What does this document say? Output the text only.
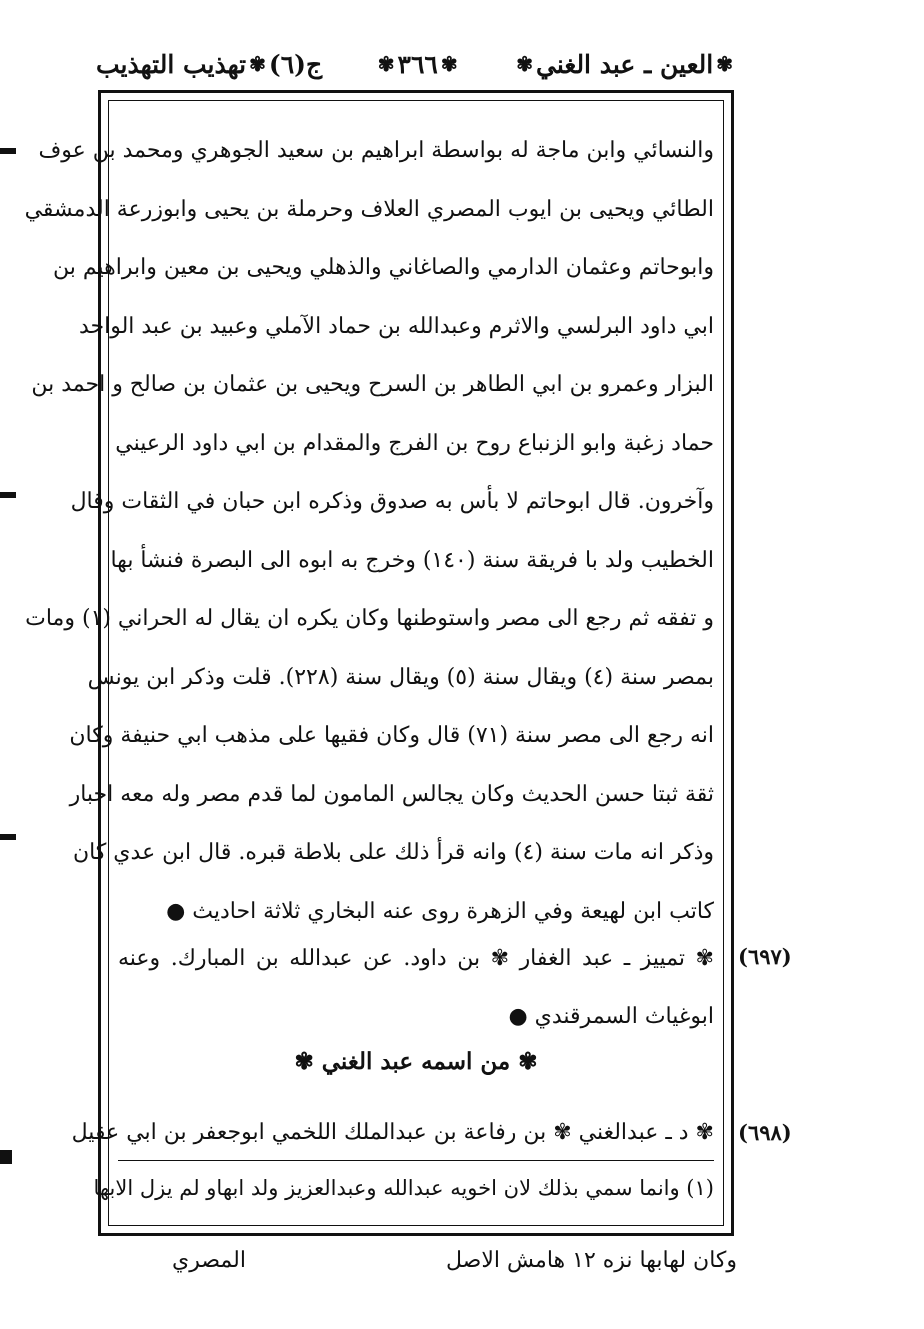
ج(٦)
✾
تهذيب التهذيب	✾
٣٦٦
✾	✾
العين ـ عبد الغني
✾
والنسائي وابن ماجة له بواسطة ابراهيم بن سعيد الجوهري ومحمد بن عوف
الطائي ويحيى بن ايوب المصري العلاف وحرملة بن يحيى وابوزرعة الدمشقي
وابوحاتم وعثمان الدارمي والصاغاني والذهلي ويحيى بن معين وابراهيم بن
ابي داود البرلسي والاثرم وعبدالله بن حماد الآملي وعبيد بن عبد الواحد
البزار وعمرو بن ابي الطاهر بن السرح ويحيى بن عثمان بن صالح و احمد بن
حماد زغبة وابو الزنباع روح بن الفرج والمقدام بن ابي داود الرعيني
وآخرون. قال ابوحاتم لا بأس به صدوق وذكره ابن حبان في الثقات وقال
الخطيب ولد با فريقة سنة (١٤٠) وخرج به ابوه الى البصرة فنشأ بها
و تفقه ثم رجع الى مصر واستوطنها وكان يكره ان يقال له الحراني (١) ومات
بمصر سنة (٤) ويقال سنة (٥) ويقال سنة (٢٢٨). قلت وذكر ابن يونس
انه رجع الى مصر سنة (٧١) قال وكان فقيها على مذهب ابي حنيفة وكان
ثقة ثبتا حسن الحديث وكان يجالس المامون لما قدم مصر وله معه اخبار
وذكر انه مات سنة (٤) وانه قرأ ذلك على بلاطة قبره. قال ابن عدي كان
كاتب ابن لهيعة وفي الزهرة روى عنه البخاري ثلاثة احاديث ●
(٦٩٧)
✾ تمييز ـ عبد الغفار ✾ بن داود. عن عبدالله بن المبارك. وعنه
ابوغياث السمرقندي ●
✾ من اسمه عبد الغني ✾
(٦٩٨)
✾ د ـ عبدالغني ✾ بن رفاعة بن عبدالملك اللخمي ابوجعفر بن ابي عقيل
(١) وانما سمي بذلك لان اخويه عبدالله وعبدالعزيز ولد ابهاو لم يزل الابها
وكان لهابها نزه ١٢ هامش الاصل
المصري
